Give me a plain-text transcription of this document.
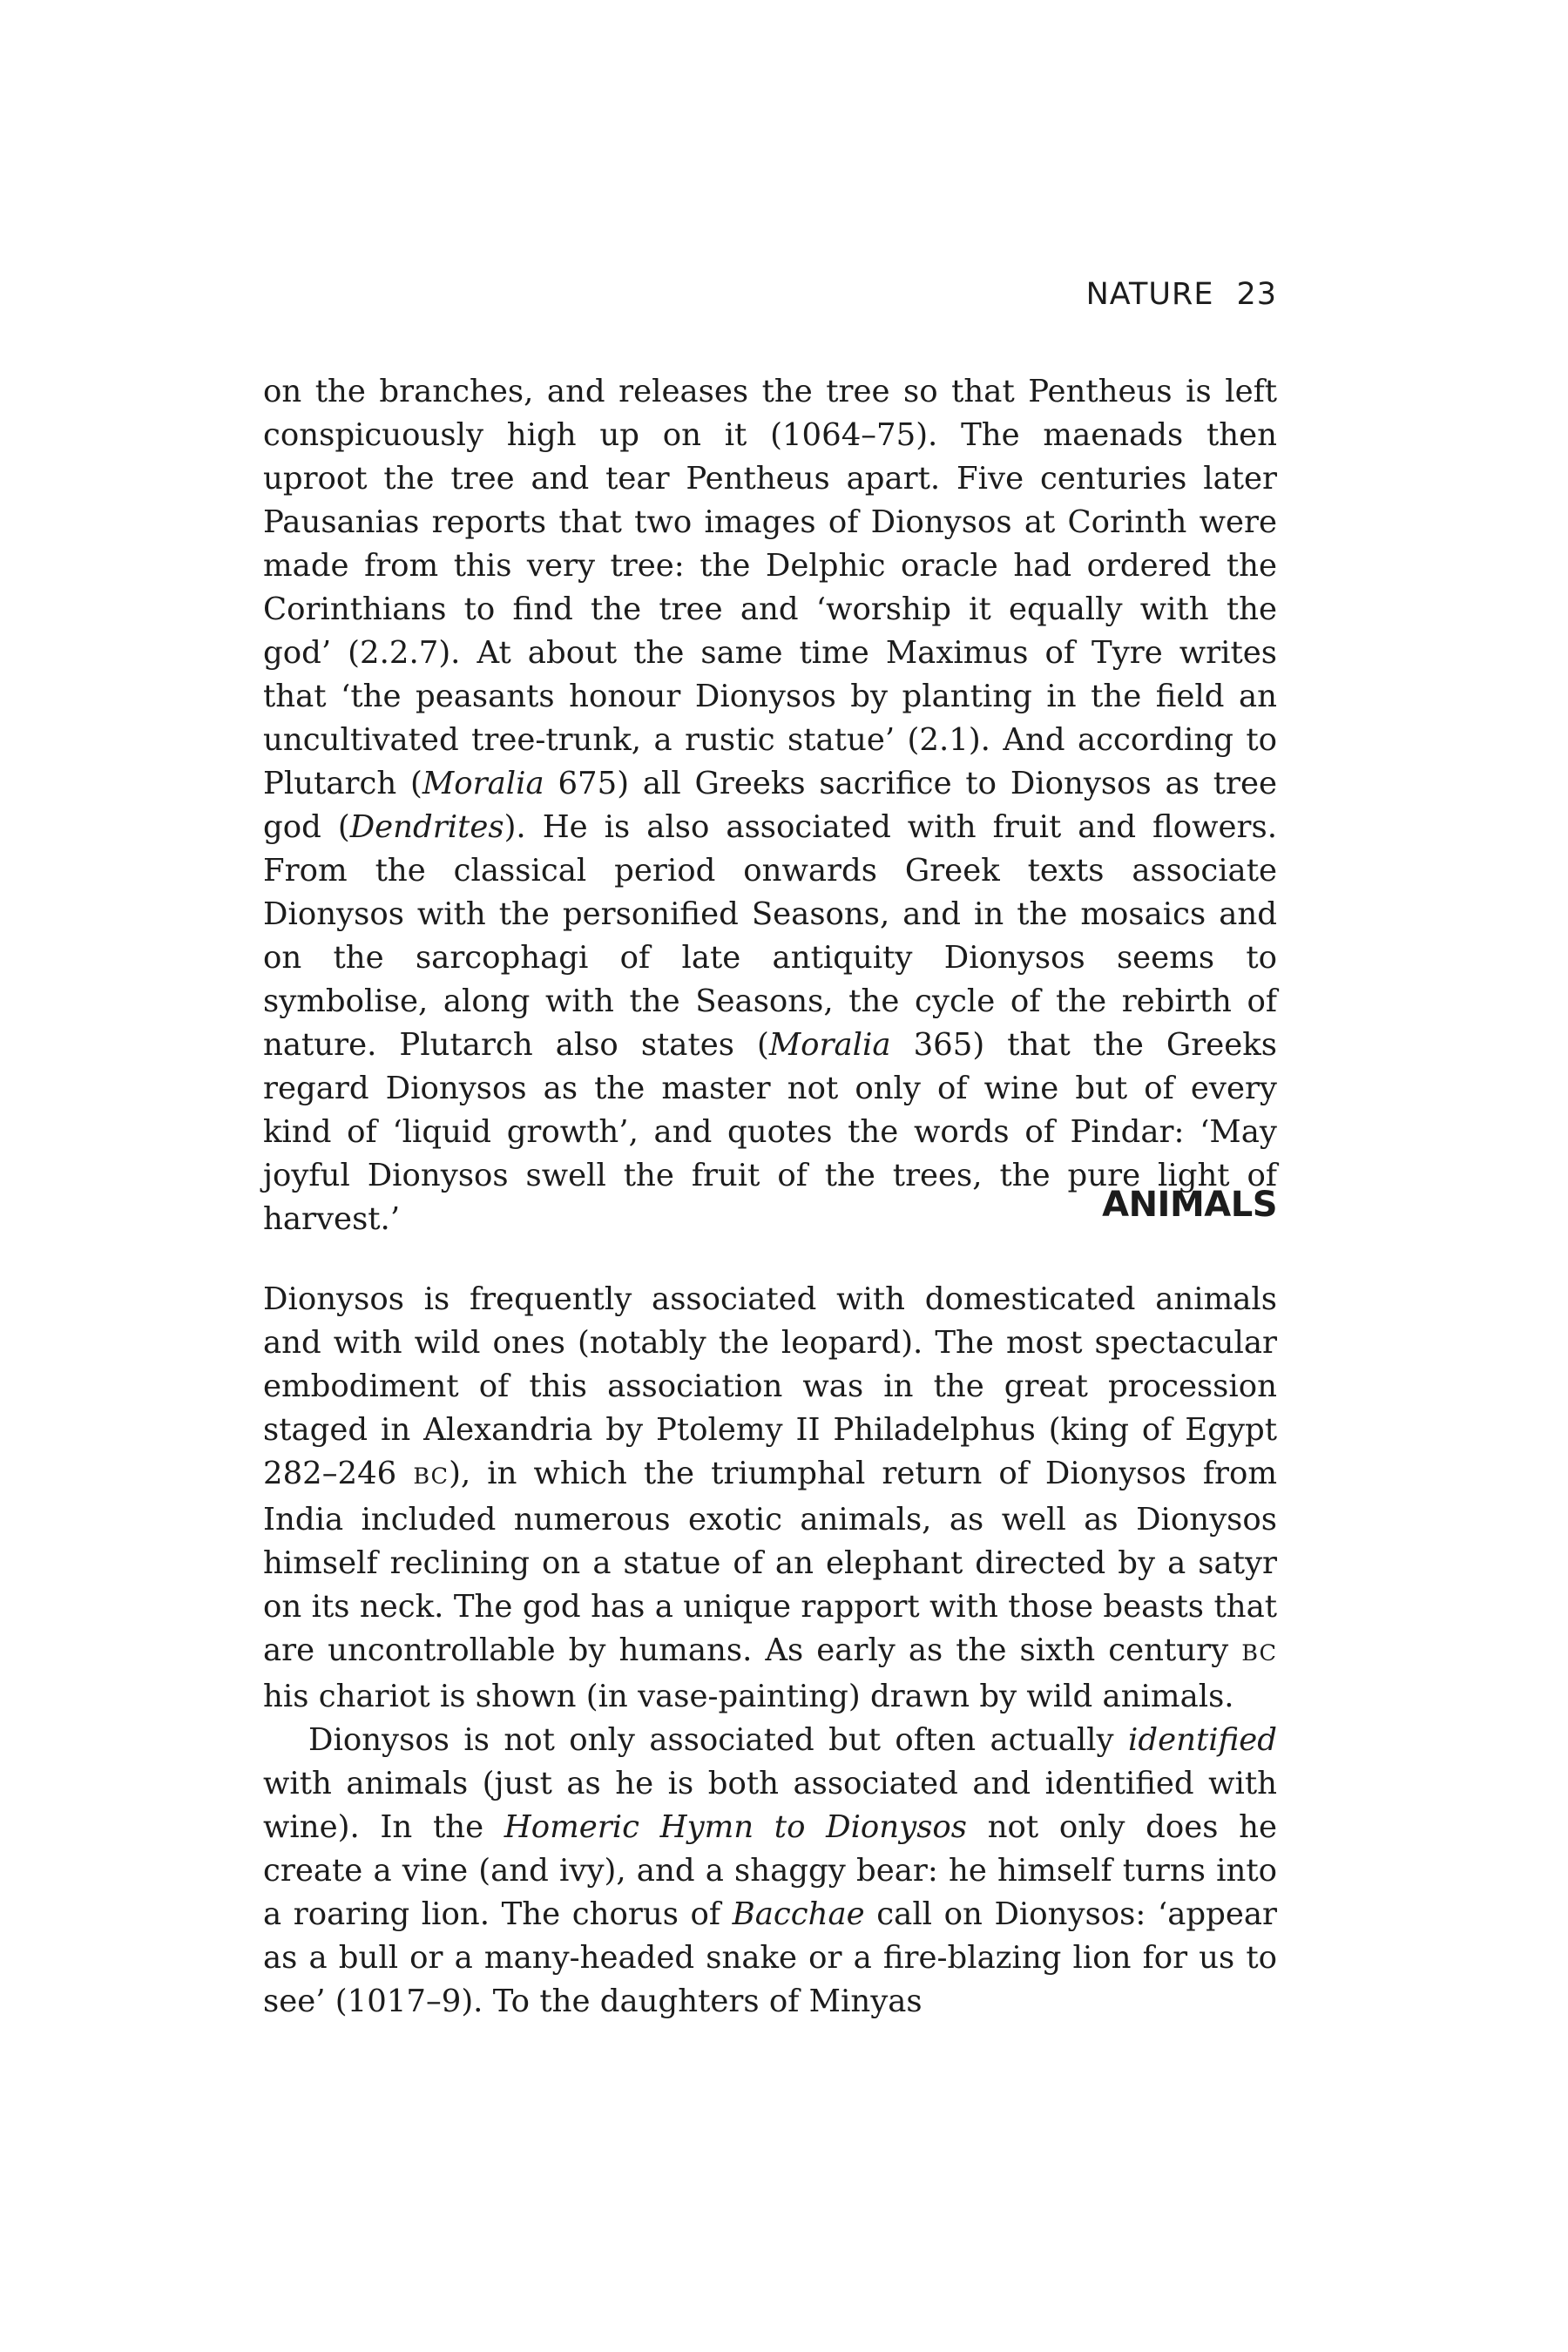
NATURE 23

on the branches, and releases the tree so that Pentheus is left conspicuously high up on it (1064–75). The maenads then uproot the tree and tear Pentheus apart. Five centuries later Pausanias reports that two images of Dionysos at Corinth were made from this very tree: the Delphic oracle had ordered the Corinthians to find the tree and ‘worship it equally with the god’ (2.2.7). At about the same time Maximus of Tyre writes that ‘the peasants honour Dionysos by planting in the field an uncultivated tree-trunk, a rustic statue’ (2.1). And according to Plutarch (Moralia 675) all Greeks sacrifice to Dionysos as tree god (Dendrites). He is also associated with fruit and flowers. From the classical period onwards Greek texts associate Dionysos with the personified Seasons, and in the mosaics and on the sarcophagi of late antiquity Dionysos seems to symbolise, along with the Seasons, the cycle of the rebirth of nature. Plutarch also states (Moralia 365) that the Greeks regard Dionysos as the master not only of wine but of every kind of ‘liquid growth’, and quotes the words of Pindar: ‘May joyful Dionysos swell the fruit of the trees, the pure light of harvest.’	ANIMALS

Dionysos is frequently associated with domesticated animals and with wild ones (notably the leopard). The most spectacular embodiment of this association was in the great procession staged in Alexandria by Ptolemy II Philadelphus (king of Egypt 282–246 BC), in which the triumphal return of Dionysos from India included numerous exotic animals, as well as Dionysos himself reclining on a statue of an elephant directed by a satyr on its neck. The god has a unique rapport with those beasts that are uncontrollable by humans. As early as the sixth century BC his chariot is shown (in vase-painting) drawn by wild animals.

Dionysos is not only associated but often actually identified with animals (just as he is both associated and identified with wine). In the Homeric Hymn to Dionysos not only does he create a vine (and ivy), and a shaggy bear: he himself turns into a roaring lion. The chorus of Bacchae call on Dionysos: ‘appear as a bull or a many-headed snake or a fire-blazing lion for us to see’ (1017–9). To the daughters of Minyas
